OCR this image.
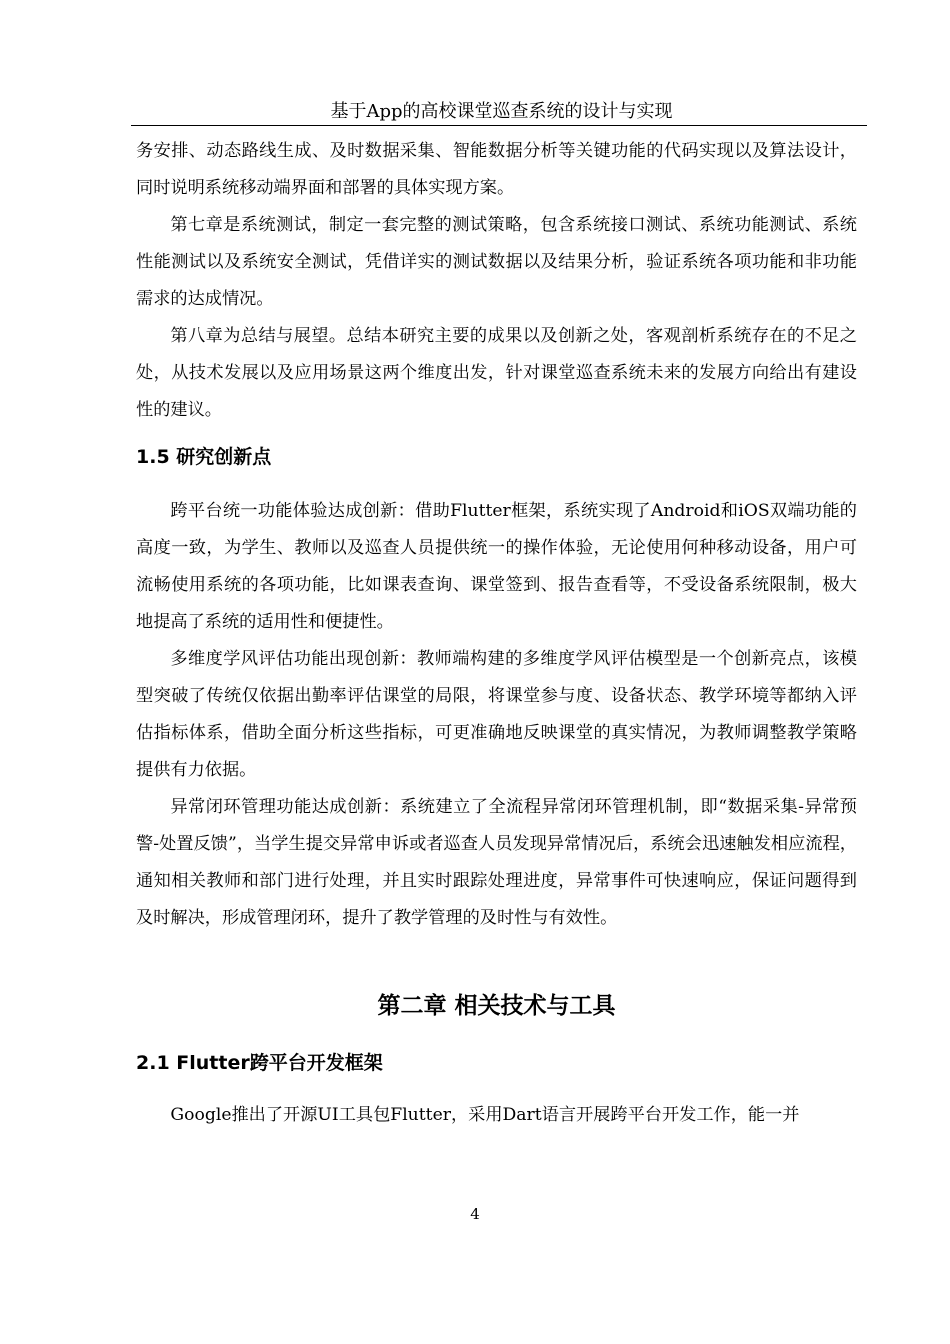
基于App的高校课堂巡查系统的设计与实现

务安排、动态路线生成、及时数据采集、智能数据分析等关键功能的代码实现以及算法设计，同时说明系统移动端界面和部署的具体实现方案。

第七章是系统测试，制定一套完整的测试策略，包含系统接口测试、系统功能测试、系统性能测试以及系统安全测试，凭借详实的测试数据以及结果分析，验证系统各项功能和非功能需求的达成情况。

第八章为总结与展望。总结本研究主要的成果以及创新之处，客观剖析系统存在的不足之处，从技术发展以及应用场景这两个维度出发，针对课堂巡查系统未来的发展方向给出有建设性的建议。

1.5 研究创新点

跨平台统一功能体验达成创新：借助Flutter框架，系统实现了Android和iOS双端功能的高度一致，为学生、教师以及巡查人员提供统一的操作体验，无论使用何种移动设备，用户可流畅使用系统的各项功能，比如课表查询、课堂签到、报告查看等，不受设备系统限制，极大地提高了系统的适用性和便捷性。

多维度学风评估功能出现创新：教师端构建的多维度学风评估模型是一个创新亮点，该模型突破了传统仅依据出勤率评估课堂的局限，将课堂参与度、设备状态、教学环境等都纳入评估指标体系，借助全面分析这些指标，可更准确地反映课堂的真实情况，为教师调整教学策略提供有力依据。

异常闭环管理功能达成创新：系统建立了全流程异常闭环管理机制，即“数据采集-异常预警-处置反馈”，当学生提交异常申诉或者巡查人员发现异常情况后，系统会迅速触发相应流程，通知相关教师和部门进行处理，并且实时跟踪处理进度，异常事件可快速响应，保证问题得到及时解决，形成管理闭环，提升了教学管理的及时性与有效性。

第二章 相关技术与工具
2.1 Flutter跨平台开发框架

Google推出了开源UI工具包Flutter，采用Dart语言开展跨平台开发工作，能一并

4
